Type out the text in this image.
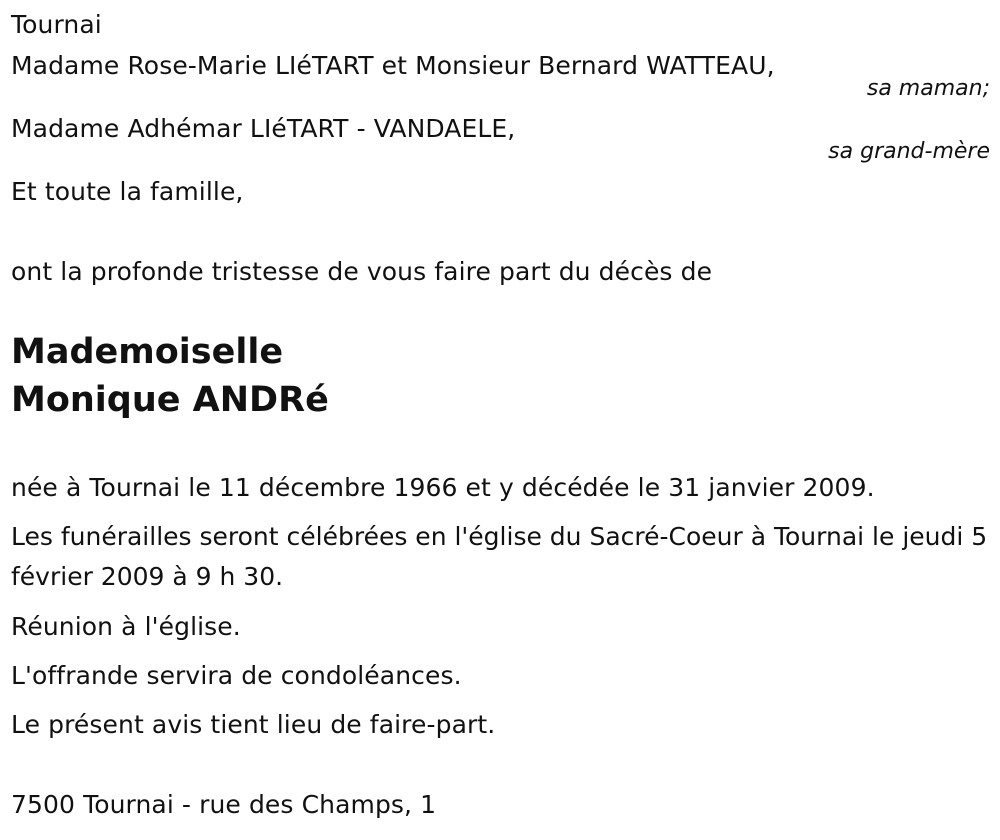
Tournai
Madame Rose-Marie LIéTART et Monsieur Bernard WATTEAU,
sa maman;
Madame Adhémar LIéTART - VANDAELE,
sa grand-mère
Et toute la famille,
ont la profonde tristesse de vous faire part du décès de
Mademoiselle
Monique ANDRé
née à Tournai le 11 décembre 1966 et y décédée le 31 janvier 2009.
Les funérailles seront célébrées en l'église du Sacré-Coeur à Tournai le jeudi 5 février 2009 à 9 h 30.
Réunion à l'église.
L'offrande servira de condoléances.
Le présent avis tient lieu de faire-part.
7500 Tournai - rue des Champs, 1
